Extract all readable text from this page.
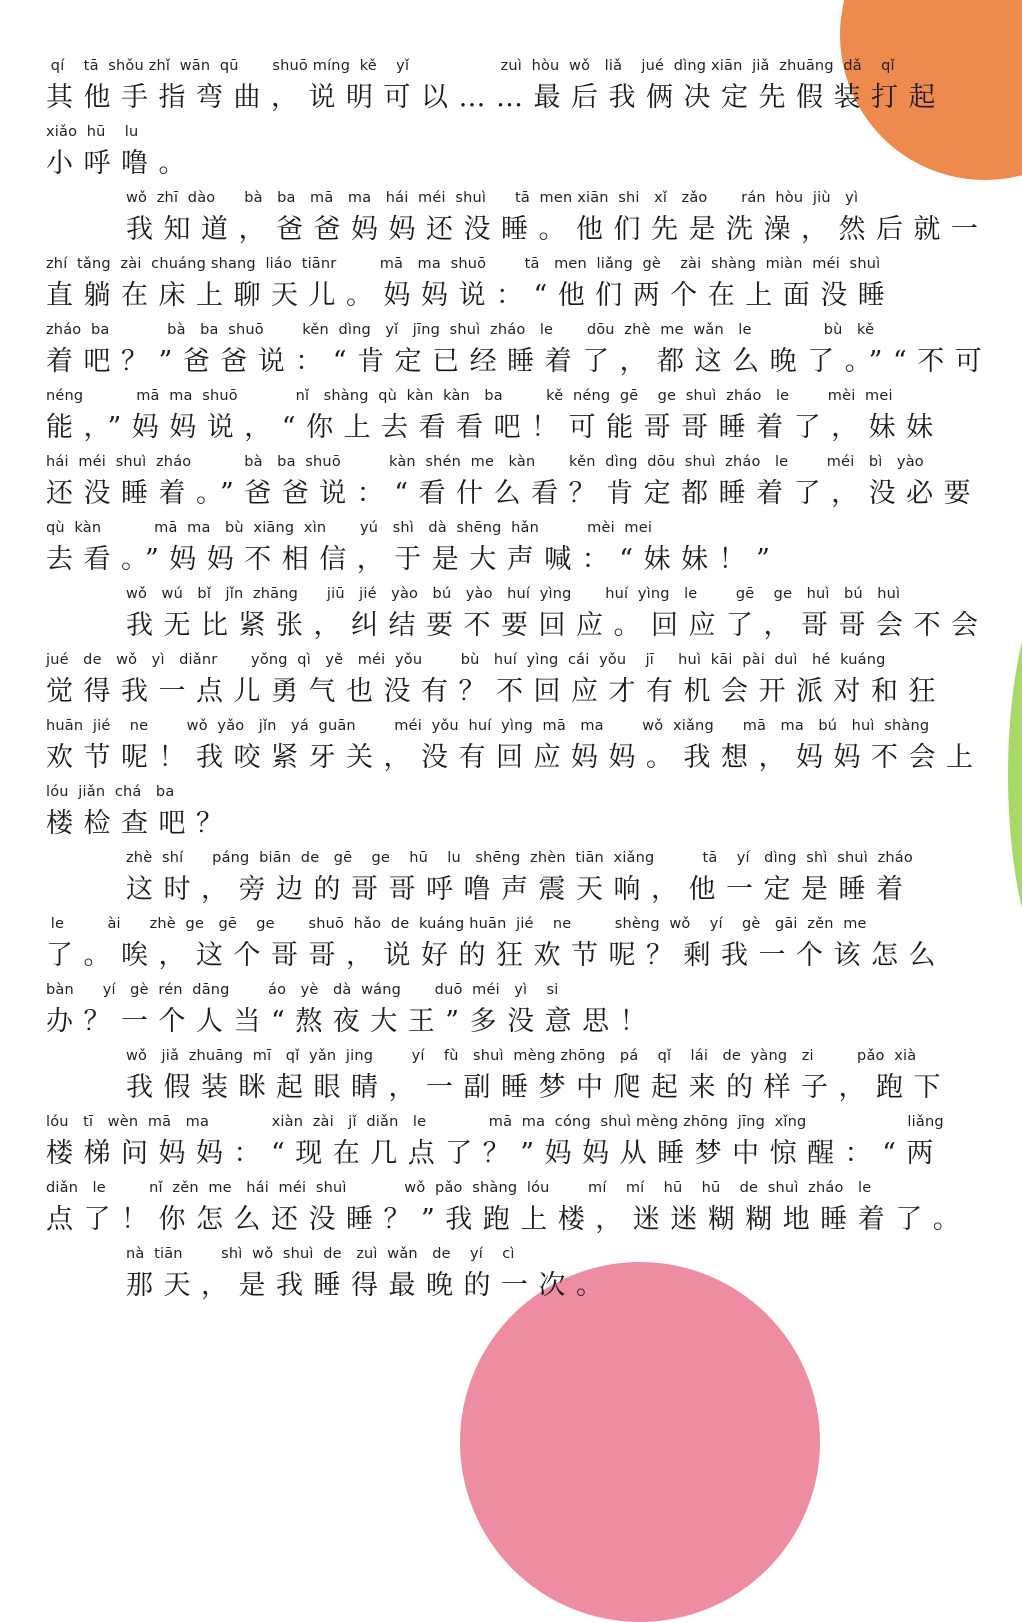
qí    tā  shǒu zhǐ  wān  qū       shuō míng  kě    yǐ                   zuì  hòu  wǒ   liǎ    jué  dìng xiān  jiǎ  zhuāng  dǎ    qǐ
其他手指弯曲，说明可以……最后我俩决定先假装打起
xiǎo  hū    lu
小呼噜。
wǒ  zhī  dào      bà   ba   mā   ma   hái  méi  shuì      tā  men xiān  shi   xǐ   zǎo       rán  hòu  jiù   yì
我知道，爸爸妈妈还没睡。他们先是洗澡，然后就一
zhí  tǎng  zài  chuáng shang  liáo  tiānr         mā   ma  shuō        tā   men  liǎng  gè    zài  shàng  miàn  méi  shuì
直躺在床上聊天儿。妈妈说：“他们两个在上面没睡
zháo  ba            bà   ba  shuō        kěn  dìng   yǐ   jīng  shuì  zháo   le       dōu  zhè  me  wǎn   le               bù   kě
着吧？”爸爸说：“肯定已经睡着了，都这么晚了。”“不可
néng           mā  ma  shuō            nǐ   shàng  qù  kàn  kàn   ba         kě  néng  gē    ge  shuì  zháo   le        mèi  mei
能，”妈妈说，“你上去看看吧！可能哥哥睡着了，妹妹
hái  méi  shuì  zháo           bà   ba  shuō          kàn  shén  me   kàn       kěn  dìng  dōu  shuì  zháo   le        méi   bì   yào
还没睡着。”爸爸说：“看什么看？肯定都睡着了，没必要
qù  kàn           mā  ma   bù  xiāng  xìn       yú   shì   dà  shēng  hǎn          mèi  mei
去看。”妈妈不相信，于是大声喊：“妹妹！”
wǒ   wú   bǐ   jǐn  zhāng      jiū   jié   yào   bú   yào   huí  yìng       huí  yìng   le        gē    ge   huì   bú   huì
我无比紧张，纠结要不要回应。回应了，哥哥会不会
jué   de   wǒ   yì   diǎnr       yǒng  qì   yě   méi  yǒu        bù   huí  yìng  cái  yǒu    jī     huì  kāi  pài  duì   hé  kuáng
觉得我一点儿勇气也没有？不回应才有机会开派对和狂
huān  jié    ne        wǒ  yǎo   jǐn   yá  guān        méi  yǒu  huí  yìng  mā   ma        wǒ  xiǎng      mā   ma   bú   huì  shàng
欢节呢！我咬紧牙关，没有回应妈妈。我想，妈妈不会上
lóu  jiǎn  chá   ba
楼检查吧？
zhè  shí      páng  biān  de   gē    ge    hū    lu   shēng  zhèn  tiān  xiǎng          tā    yí   dìng  shì  shuì  zháo
这时，旁边的哥哥呼噜声震天响，他一定是睡着
le         ài      zhè  ge   gē    ge       shuō  hǎo  de  kuáng huān  jié    ne         shèng  wǒ    yí    gè   gāi  zěn  me
了。唉，这个哥哥，说好的狂欢节呢？剩我一个该怎么
bàn      yí   gè  rén  dāng        áo   yè   dà  wáng       duō  méi   yì    si
办？一个人当“熬夜大王”多没意思！
wǒ   jiǎ  zhuāng  mī   qǐ  yǎn  jing        yí    fù   shuì  mèng zhōng   pá    qǐ    lái   de  yàng   zi         pǎo  xià
我假装眯起眼睛，一副睡梦中爬起来的样子，跑下
lóu   tī   wèn  mā   ma             xiàn  zài   jǐ  diǎn   le             mā  ma  cóng  shuì mèng zhōng  jīng  xǐng                     liǎng
楼梯问妈妈：“现在几点了？”妈妈从睡梦中惊醒：“两
diǎn   le         nǐ  zěn  me   hái  méi  shuì            wǒ  pǎo  shàng  lóu        mí    mí    hū    hū    de  shuì  zháo   le
点了！你怎么还没睡？”我跑上楼，迷迷糊糊地睡着了。
nà  tiān        shì  wǒ  shuì  de   zuì  wǎn   de    yí    cì
那天，是我睡得最晚的一次。
